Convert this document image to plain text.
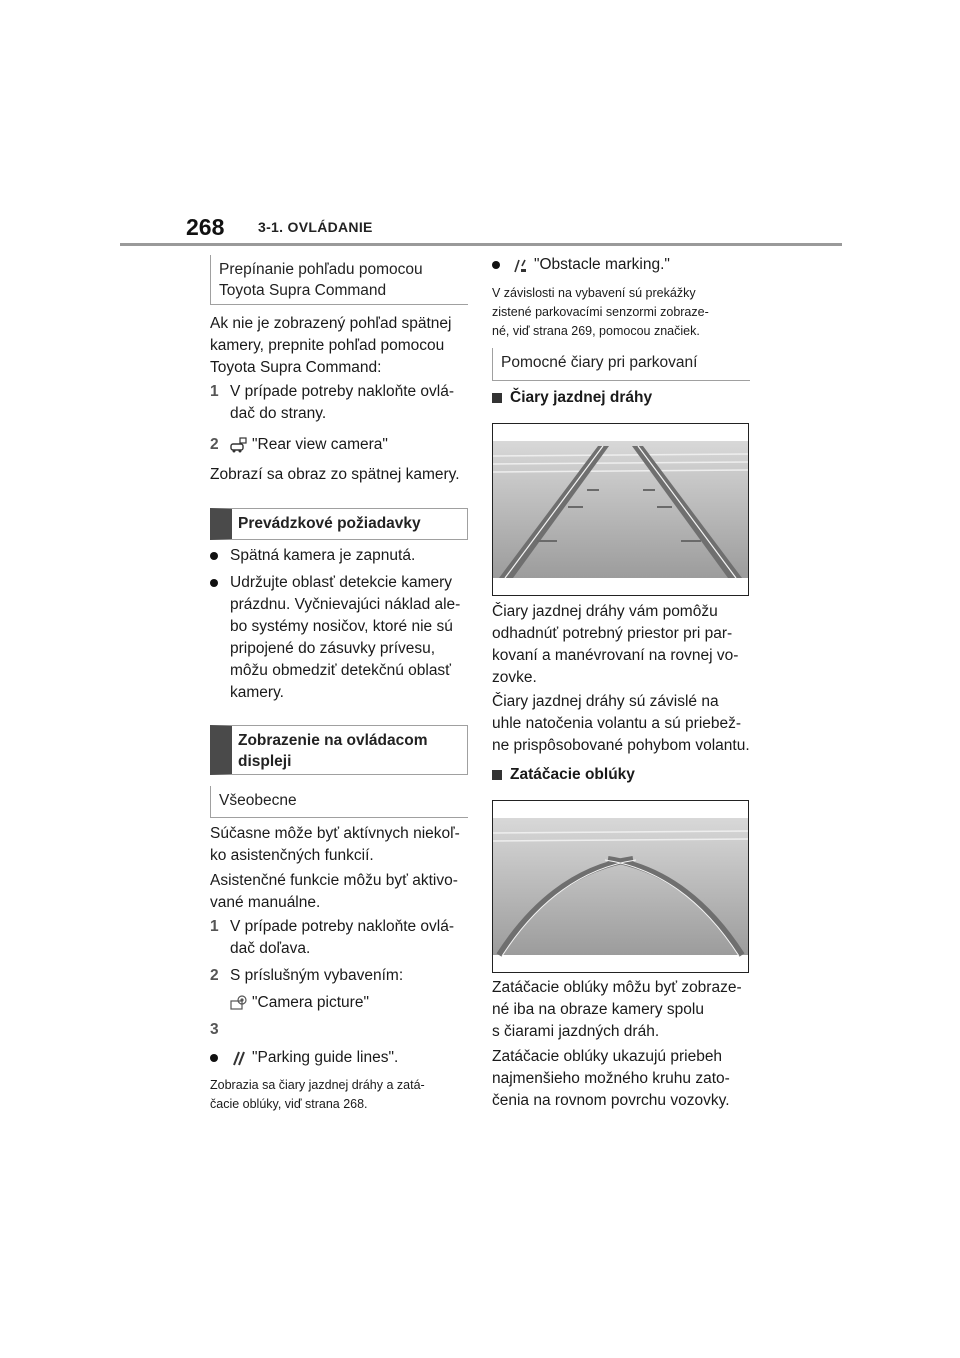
268 3-1. OVLÁDANIE
Prepínanie pohľadu pomocou
Toyota Supra Command
Ak nie je zobrazený pohľad spätnej
kamery, prepnite pohľad pomocou
Toyota Supra Command:
1 V prípade potreby nakloňte ovlá-
dač do strany.
2 "Rear view camera"
Zobrazí sa obraz zo spätnej kamery.
Prevádzkové požiadavky
Spätná kamera je zapnutá.
Udržujte oblasť detekcie kamery
prázdnu. Vyčnievajúci náklad ale-
bo systémy nosičov, ktoré nie sú
pripojené do zásuvky prívesu,
môžu obmedziť detekčnú oblasť
kamery.
Zobrazenie na ovládacom
displeji
Všeobecne
Súčasne môže byť aktívnych niekoľ-
ko asistenčných funkcií.
Asistenčné funkcie môžu byť aktivo-
vané manuálne.
1 V prípade potreby nakloňte ovlá-
dač doľava.
2 S príslušným vybavením:
"Camera picture"
3
"Parking guide lines".
Zobrazia sa čiary jazdnej dráhy a zatá-
čacie oblúky, viď strana 268.
"Obstacle marking."
V závislosti na vybavení sú prekážky
zistené parkovacími senzormi zobraze-
né, viď strana 269, pomocou značiek.
Pomocné čiary pri parkovaní
Čiary jazdnej dráhy
Čiary jazdnej dráhy vám pomôžu
odhadnúť potrebný priestor pri par-
kovaní a manévrovaní na rovnej vo-
zovke.
Čiary jazdnej dráhy sú závislé na
uhle natočenia volantu a sú priebež-
ne prispôsobované pohybom volantu.
Zatáčacie oblúky
Zatáčacie oblúky môžu byť zobraze-
né iba na obraze kamery spolu
s čiarami jazdných dráh.
Zatáčacie oblúky ukazujú priebeh
najmenšieho možného kruhu zato-
čenia na rovnom povrchu vozovky.
